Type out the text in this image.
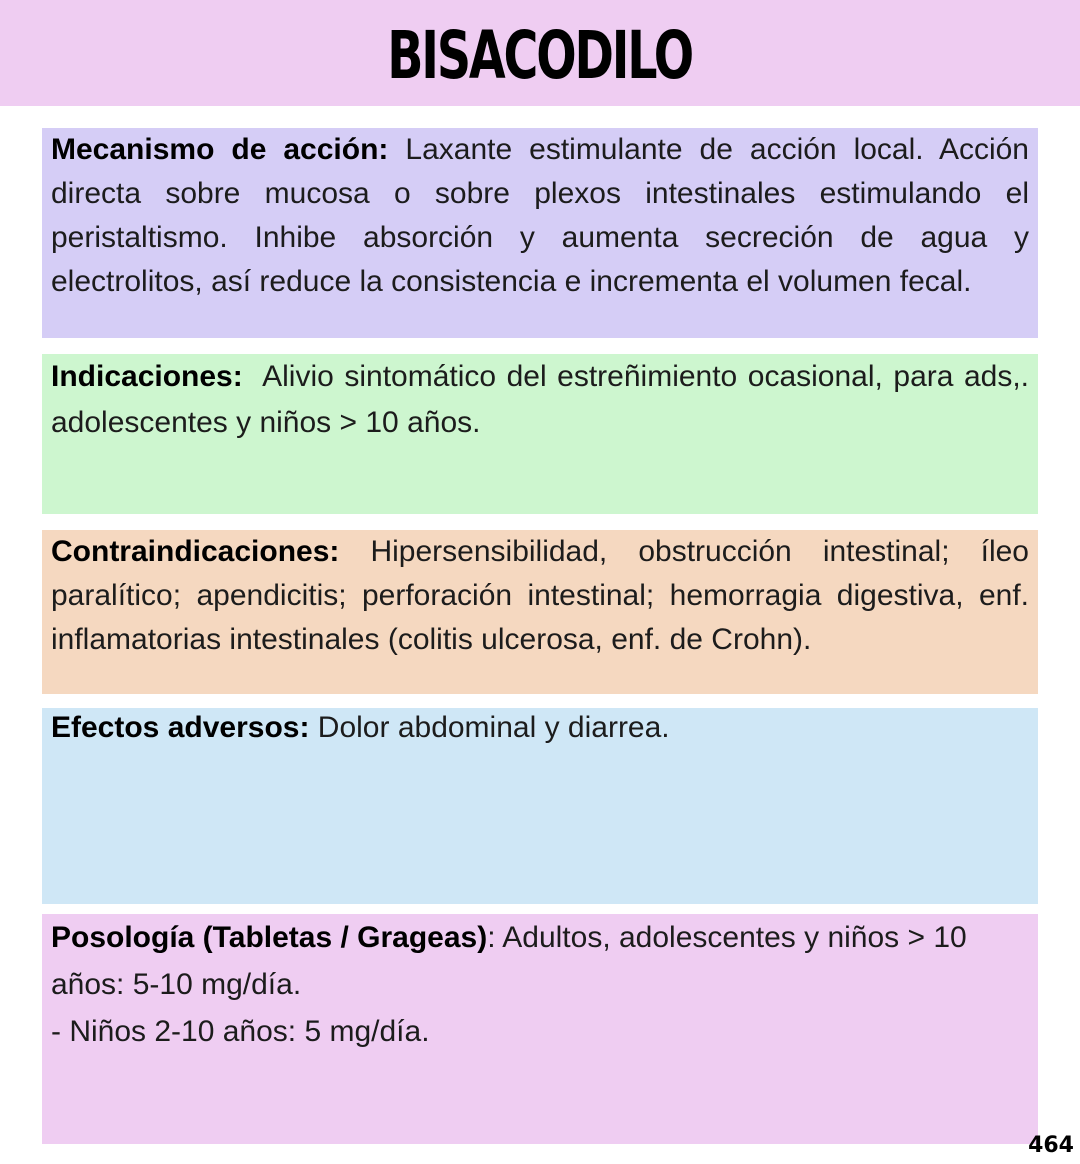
BISACODILO
Mecanismo de acción: Laxante estimulante de acción local. Acción directa sobre mucosa o sobre plexos intestinales estimulando el peristaltismo. Inhibe absorción y aumenta secreción de agua y electrolitos, así reduce la consistencia e incrementa el volumen fecal.
Indicaciones: Alivio sintomático del estreñimiento ocasional, para ads,. adolescentes y niños > 10 años.
Contraindicaciones: Hipersensibilidad, obstrucción intestinal; íleo paralítico; apendicitis; perforación intestinal; hemorragia digestiva, enf. inflamatorias intestinales (colitis ulcerosa, enf. de Crohn).
Efectos adversos: Dolor abdominal y diarrea.
Posología (Tabletas / Grageas): Adultos, adolescentes y niños > 10 años: 5-10 mg/día.
- Niños 2-10 años: 5 mg/día.
464
